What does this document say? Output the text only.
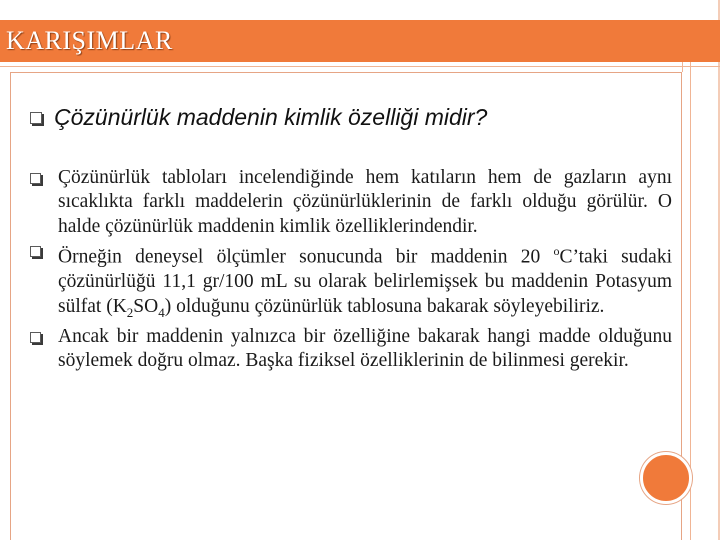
KARIŞIMLAR
Çözünürlük maddenin kimlik özelliği midir?
Çözünürlük tabloları incelendiğinde hem katıların hem de gazların aynı sıcaklıkta farklı maddelerin çözünürlüklerinin de farklı olduğu görülür. O halde çözünürlük maddenin kimlik özelliklerindendir.
Örneğin deneysel ölçümler sonucunda bir maddenin 20 $^o$C’taki sudaki çözünürlüğü 11,1 gr/100 mL su olarak belirlemişsek bu maddenin Potasyum sülfat $(K_2SO_4)$ olduğunu çözünürlük tablosuna bakarak söyleyebiliriz.
Ancak bir maddenin yalnızca bir özelliğine bakarak hangi madde olduğunu söylemek doğru olmaz. Başka fiziksel özelliklerinin de bilinmesi gerekir.
